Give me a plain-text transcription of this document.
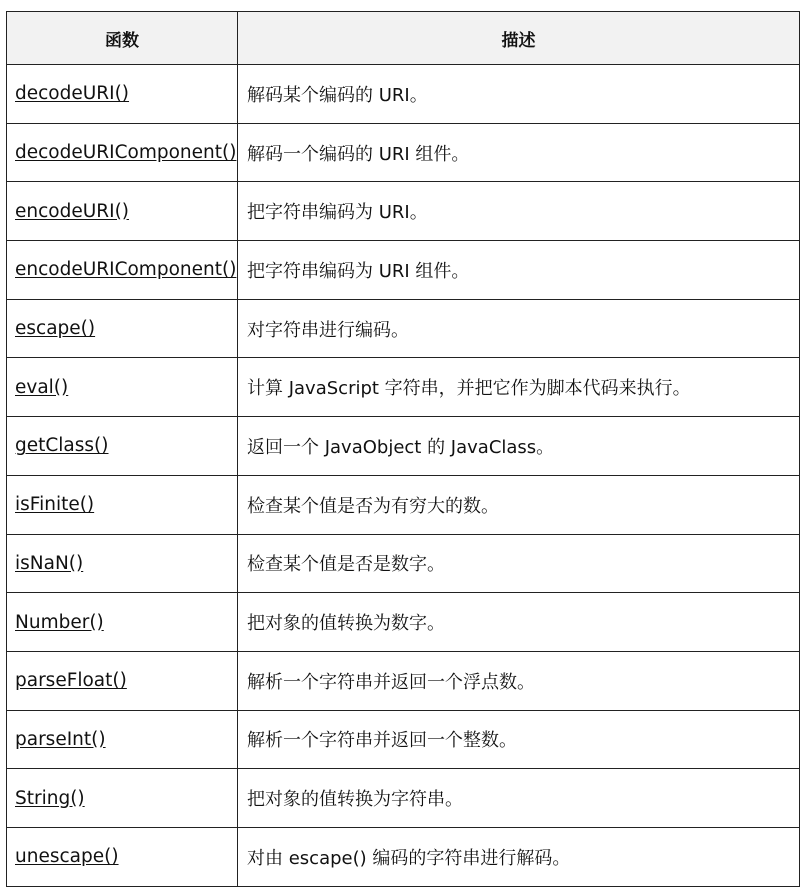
函数	描述
decodeURI()	解码某个编码的 URI。
decodeURIComponent()	解码一个编码的 URI 组件。
encodeURI()	把字符串编码为 URI。
encodeURIComponent()	把字符串编码为 URI 组件。
escape()	对字符串进行编码。
eval()	计算 JavaScript 字符串，并把它作为脚本代码来执行。
getClass()	返回一个 JavaObject 的 JavaClass。
isFinite()	检查某个值是否为有穷大的数。
isNaN()	检查某个值是否是数字。
Number()	把对象的值转换为数字。
parseFloat()	解析一个字符串并返回一个浮点数。
parseInt()	解析一个字符串并返回一个整数。
String()	把对象的值转换为字符串。
unescape()	对由 escape() 编码的字符串进行解码。
